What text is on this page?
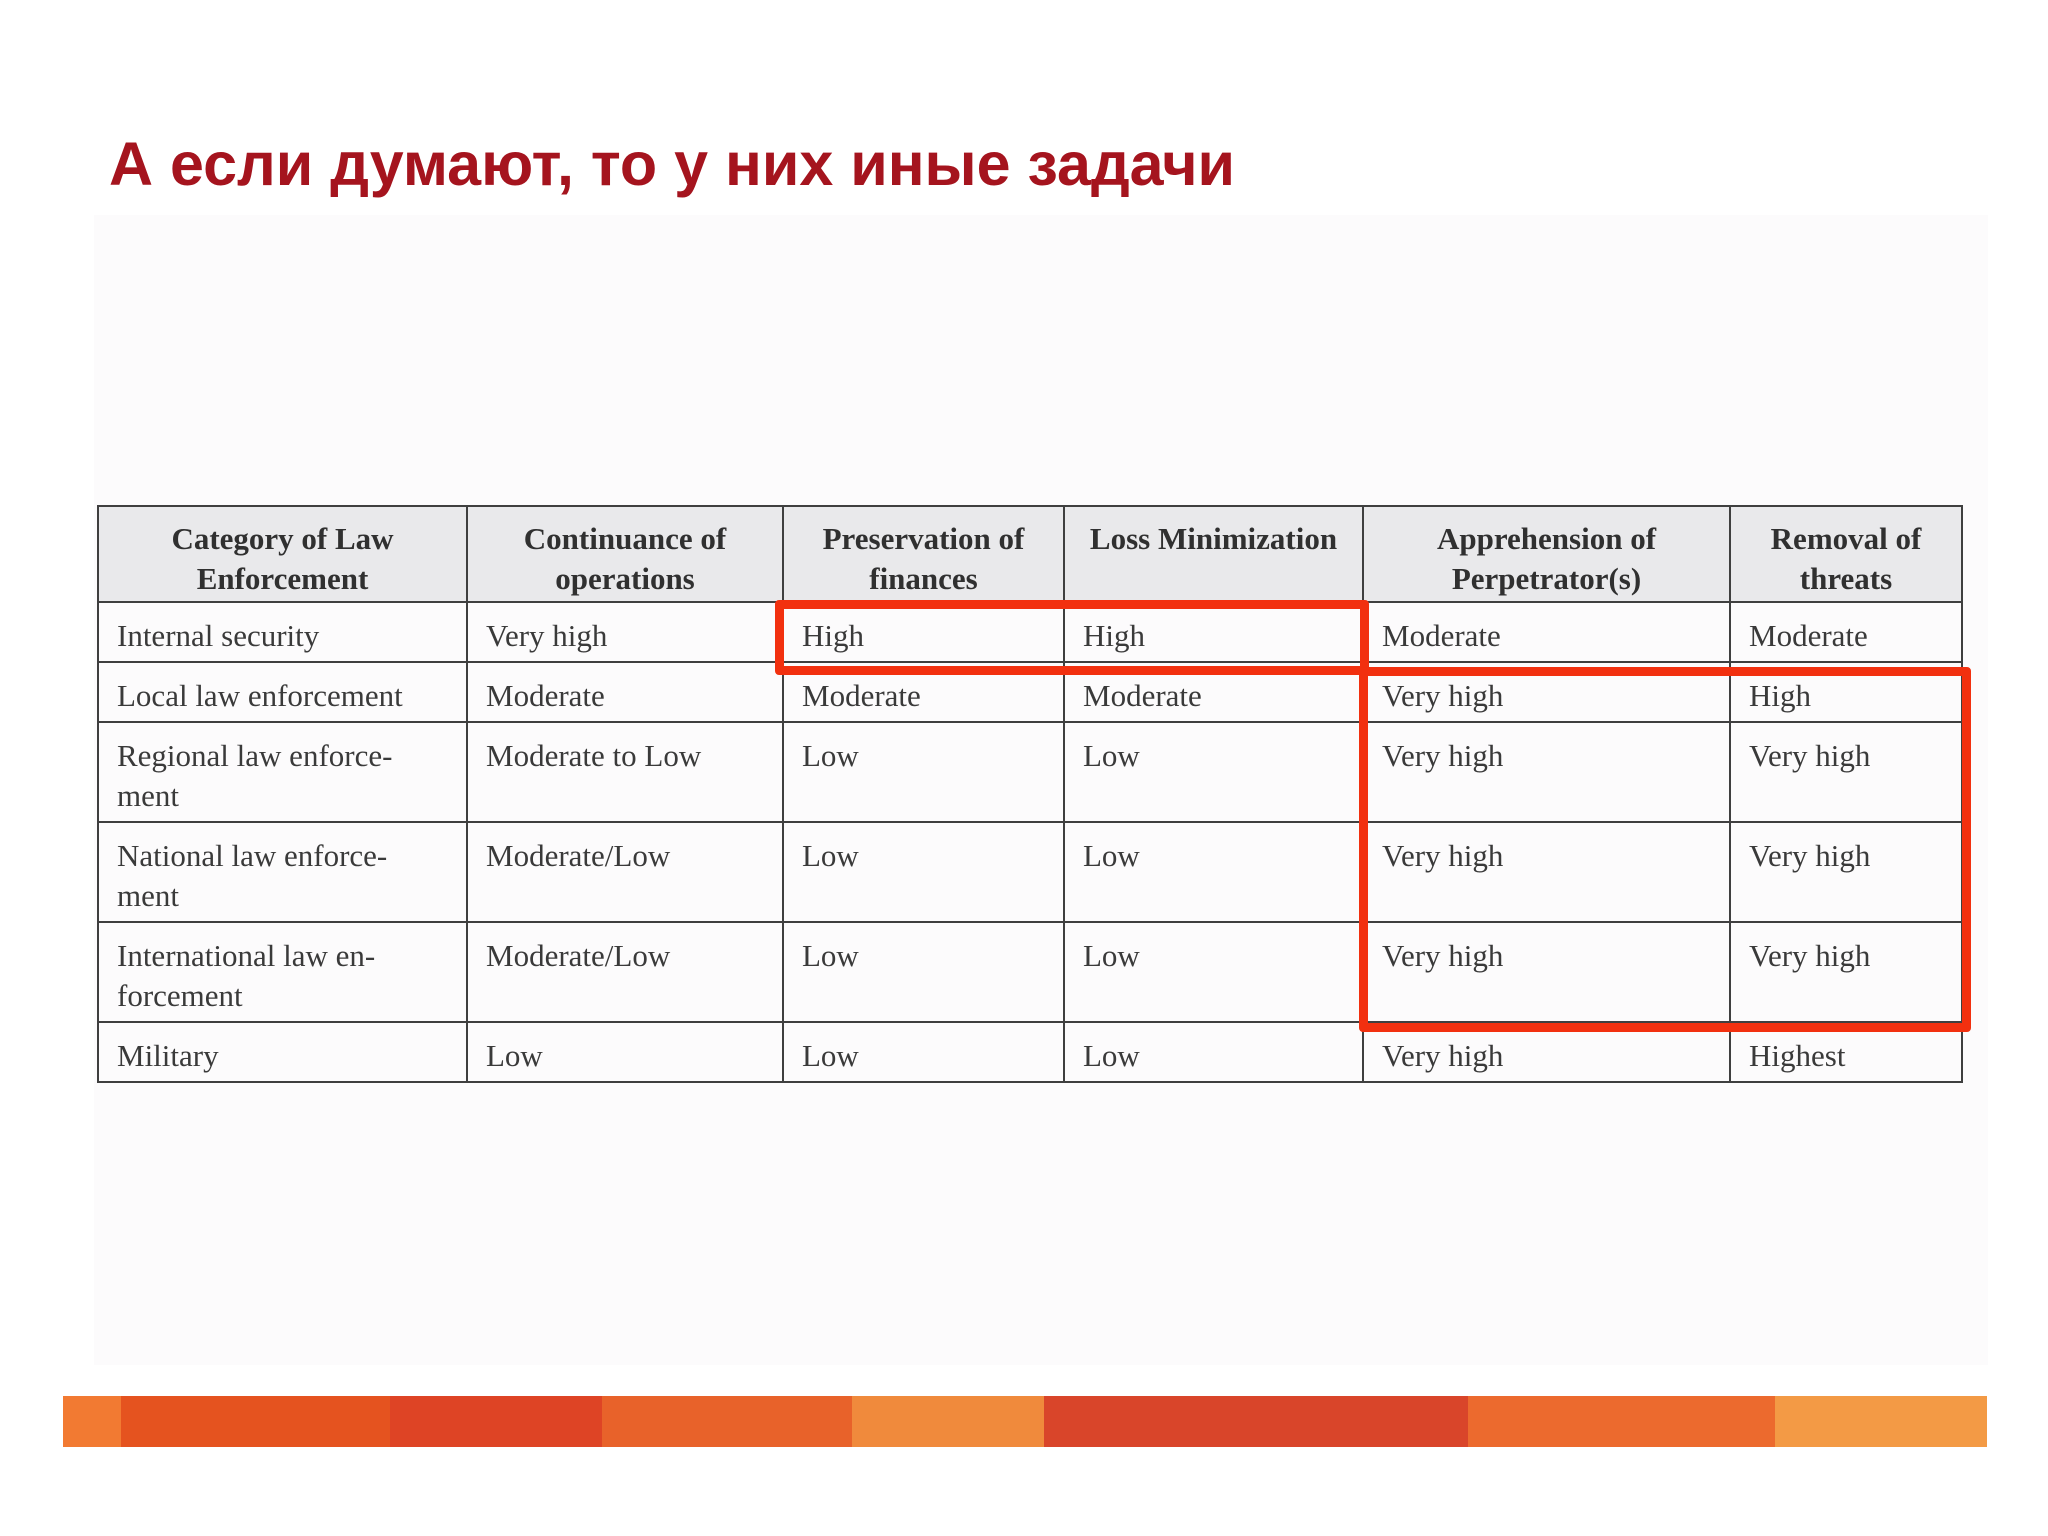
А если думают, то у них иные задачи
Category of Law Enforcement	Continuance of operations	Preservation of finances	Loss Minimization	Apprehension of Perpetrator(s)	Removal of threats
Internal security	Very high	High	High	Moderate	Moderate
Local law enforcement	Moderate	Moderate	Moderate	Very high	High
Regional law enforce-ment	Moderate to Low	Low	Low	Very high	Very high
National law enforce-ment	Moderate/Low	Low	Low	Very high	Very high
International law en-forcement	Moderate/Low	Low	Low	Very high	Very high
Military	Low	Low	Low	Very high	Highest
